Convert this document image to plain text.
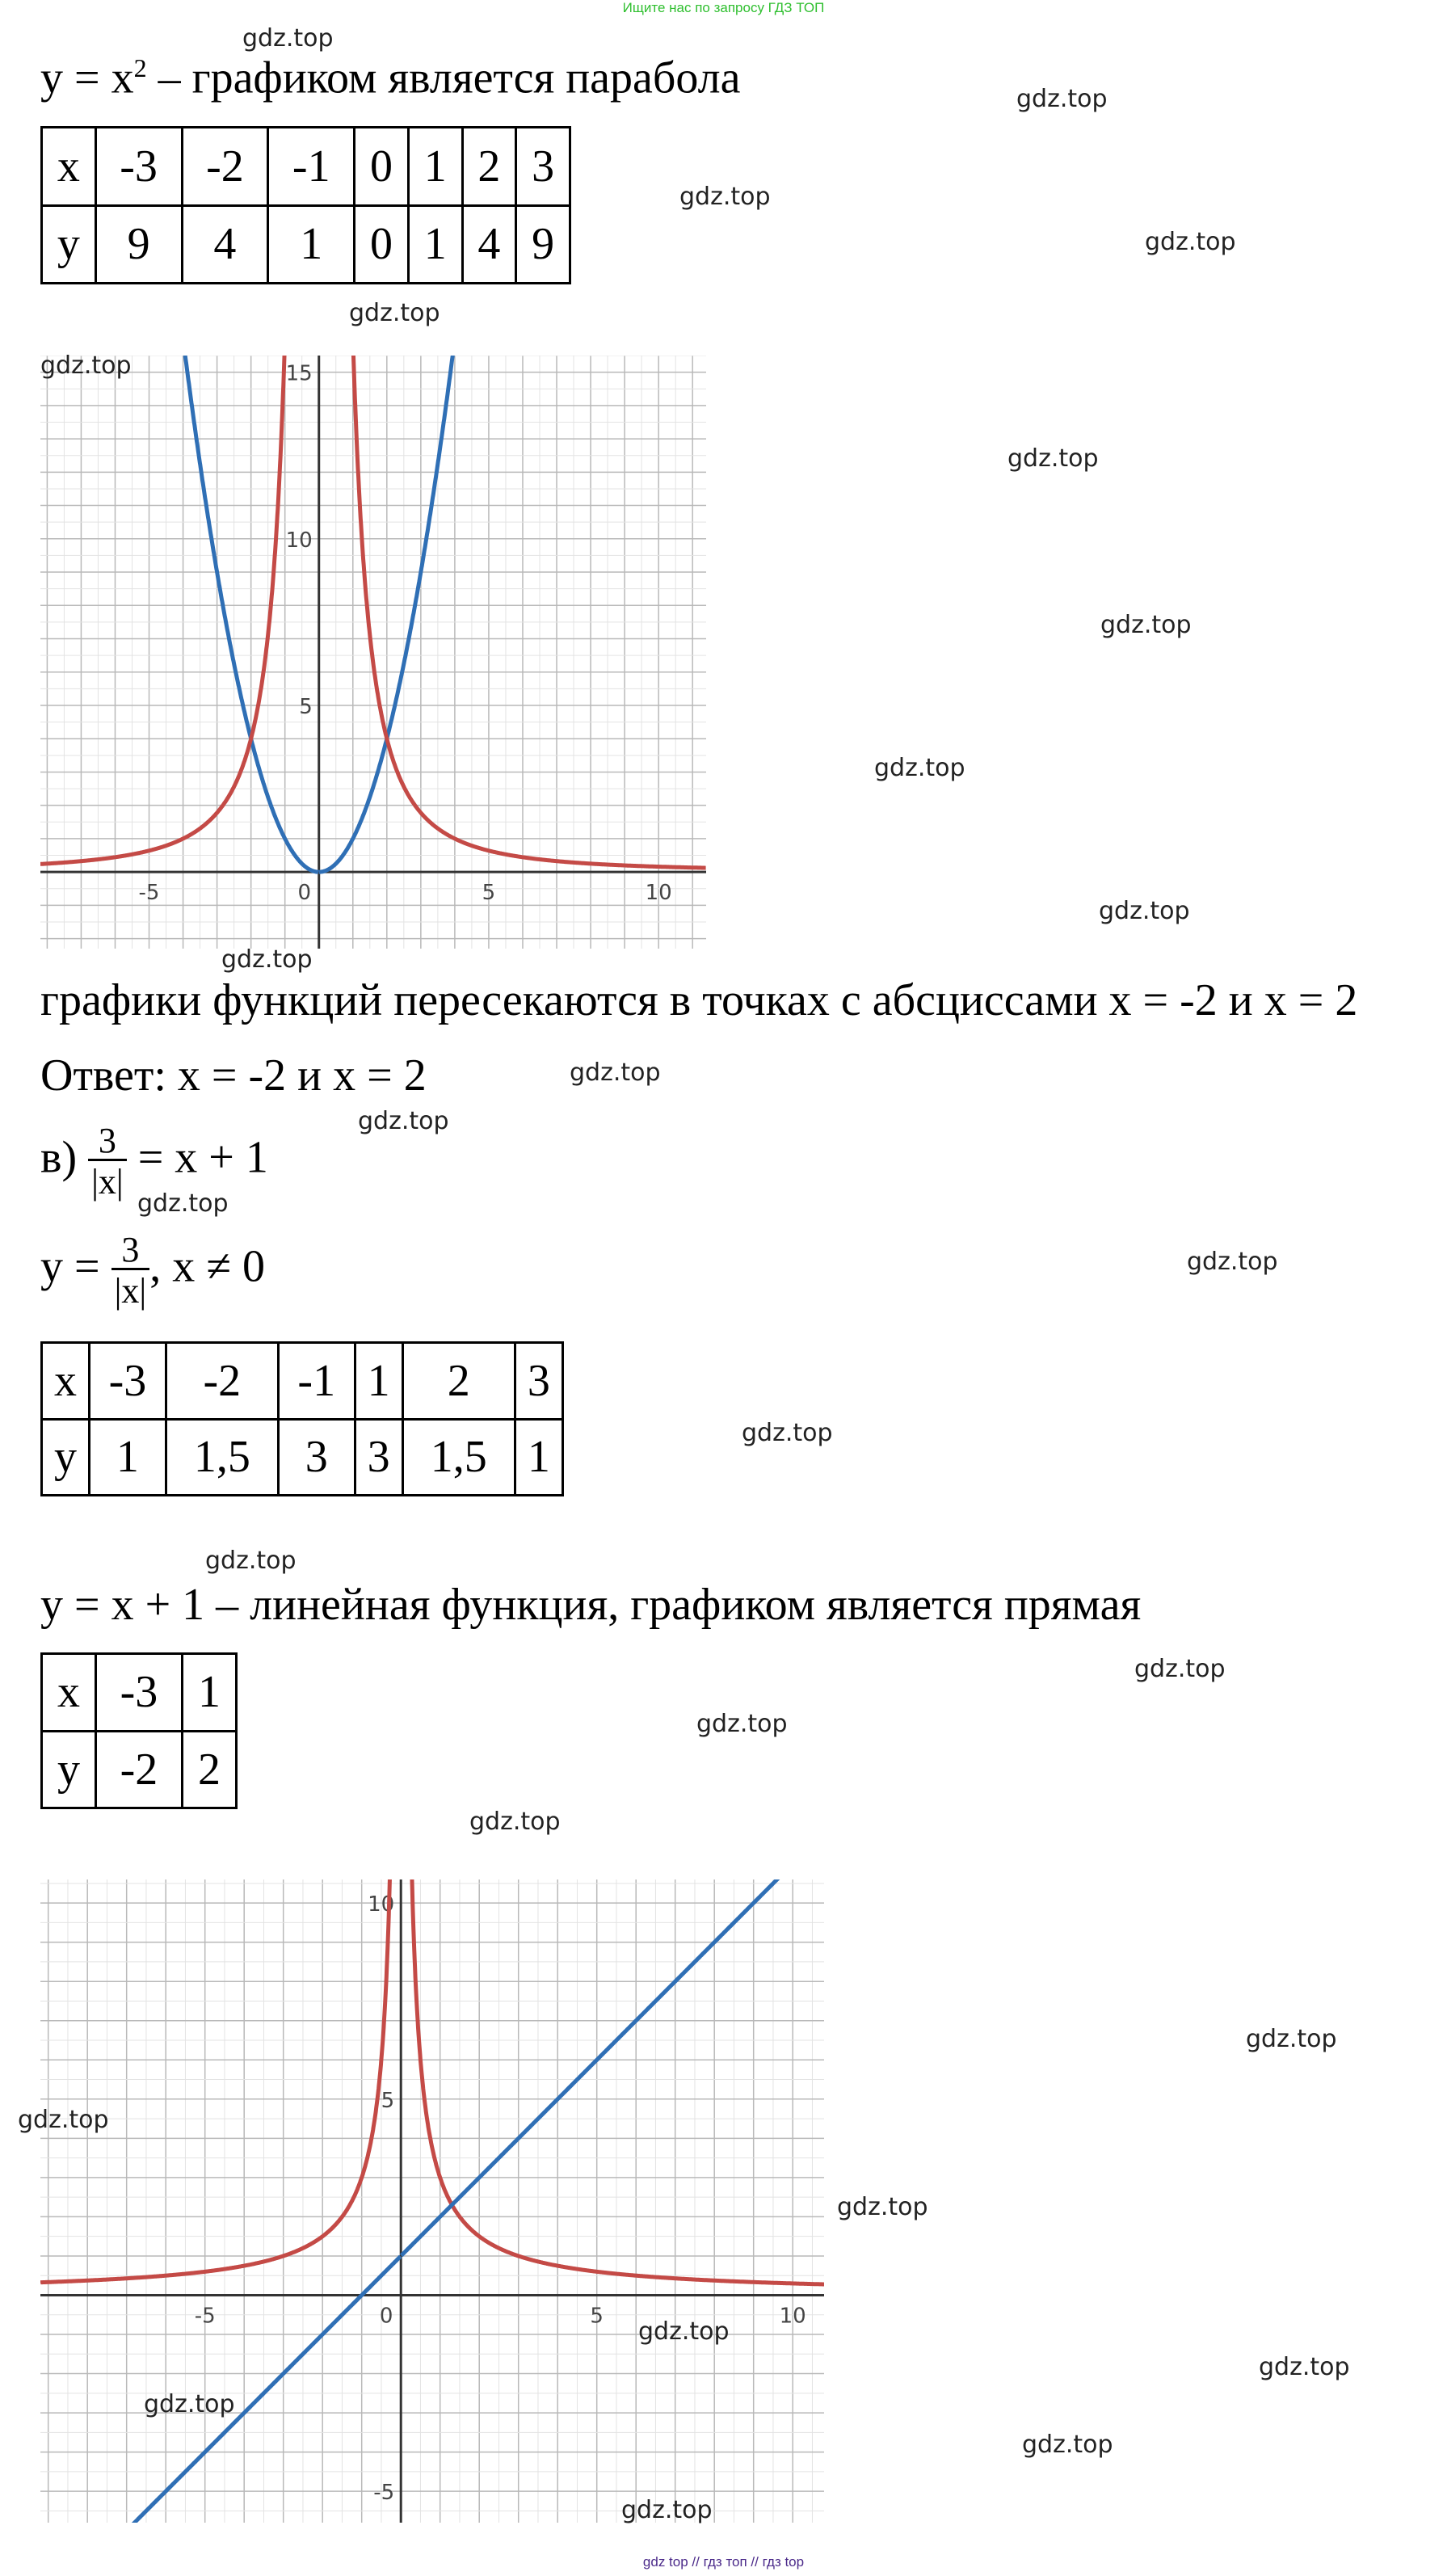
Ищите нас по запросу ГДЗ ТОП
$y = x^2$ – графиком является парабола
x	-3	-2	-1	0	1	2	3
y	9	4	1	0	1	4	9
-5	0	5	10
5
10
15
графики функций пересекаются в точках с абсциссами x = -2 и x = 2
Ответ: x = -2 и x = 2
$в) \frac{3}{|x|} = x + 1$
$y = \frac{3}{|x|}$ , x ≠ 0
x	-3	-2	-1	1	2	3
y	1	1,5	3	3	1,5	1
y = x + 1 – линейная функция, графиком является прямая
x	-3	1
y	-2	2
-5	0	5	10
-5
5
10
gdz top // гдз топ // гдз top
gdz.top
gdz.top
gdz.top
gdz.top
gdz.top
gdz.top
gdz.top
gdz.top
gdz.top
gdz.top
gdz.top
gdz.top
gdz.top
gdz.top
gdz.top
gdz.top
gdz.top
gdz.top
gdz.top
gdz.top
gdz.top
gdz.top
gdz.top
gdz.top
gdz.top
gdz.top
gdz.top
gdz.top
